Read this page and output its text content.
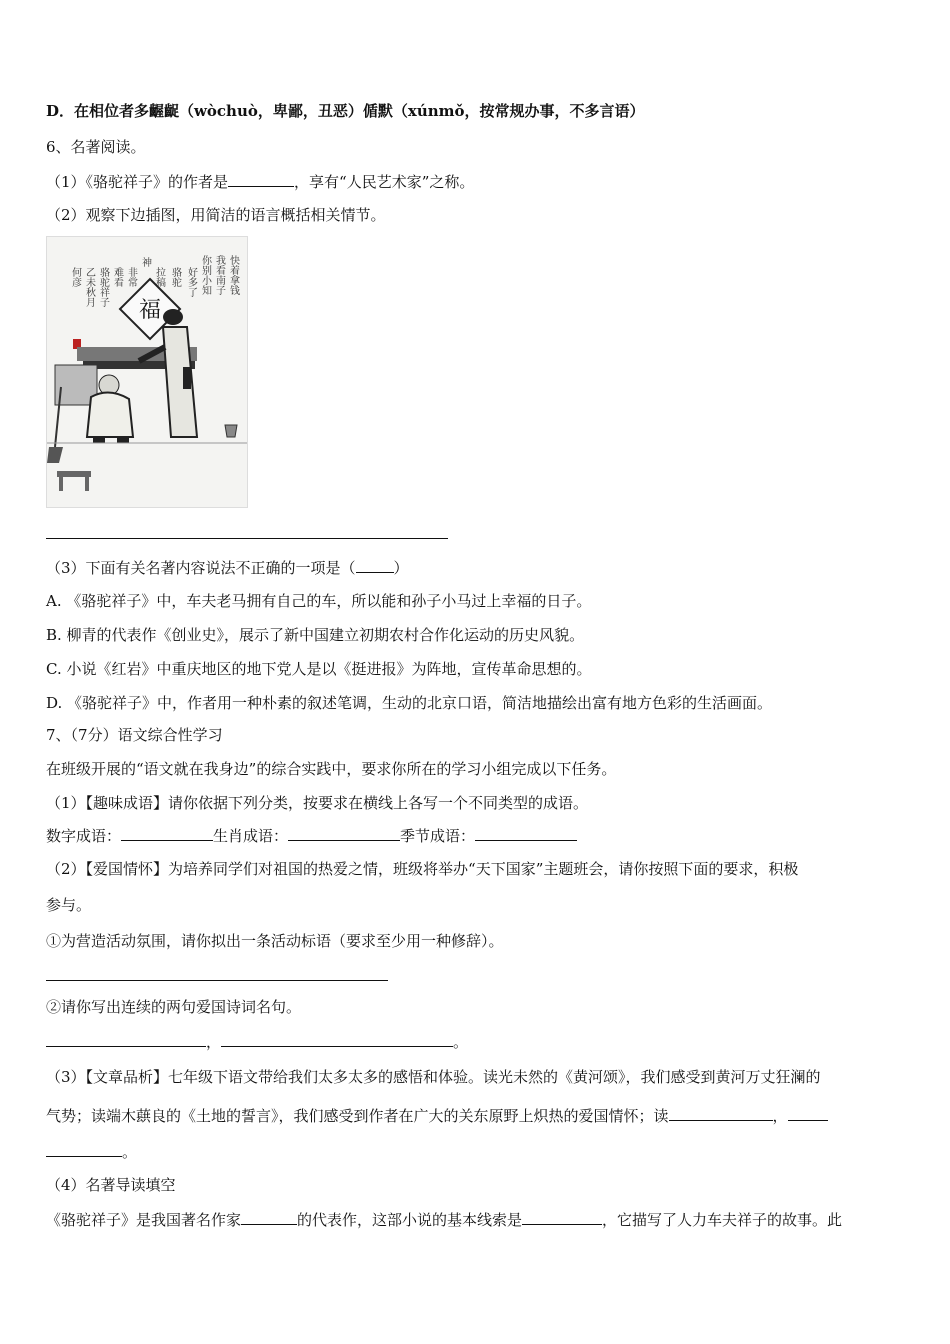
D．在相位者多齷齪（wòchuò，卑鄙，丑恶）偱默（xúnmǒ，按常规办事，不多言语）
6、名著阅读。
（1）《骆驼祥子》的作者是	，享有“人民艺术家”之称。
（2）观察下边插图，用简洁的语言概括相关情节。
快着拿钱
我看南子
你别小知
好多了
骆驼
拉稿
神
非常
难看
骆驼祥子
乙未秋月
何彦
福
（3）下面有关名著内容说法不正确的一项是（	）
A. 《骆驼祥子》中，车夫老马拥有自己的车，所以能和孙子小马过上幸福的日子。
B. 柳青的代表作《创业史》，展示了新中国建立初期农村合作化运动的历史风貌。
C. 小说《红岩》中重庆地区的地下党人是以《挺进报》为阵地，宣传革命思想的。
D. 《骆驼祥子》中，作者用一种朴素的叙述笔调，生动的北京口语，简洁地描绘出富有地方色彩的生活画面。
7、（7分）语文综合性学习
在班级开展的“语文就在我身边”的综合实践中，要求你所在的学习小组完成以下任务。
（1）【趣味成语】请你依据下列分类，按要求在横线上各写一个不同类型的成语。
数字成语：	生肖成语：	季节成语：
（2）【爱国情怀】为培养同学们对祖国的热爱之情，班级将举办“天下国家”主题班会，请你按照下面的要求，积极
参与。
①为营造活动氛围，请你拟出一条活动标语（要求至少用一种修辞）。
②请你写出连续的两句爱国诗词名句。
，	。
（3）【文章品析】七年级下语文带给我们太多太多的感悟和体验。读光未然的《黄河颂》，我们感受到黄河万丈狂澜的
气势；读端木蕻良的《土地的誓言》，我们感受到作者在广大的关东原野上炽热的爱国情怀；读	，
。
（4）名著导读填空
《骆驼祥子》是我国著名作家	的代表作，这部小说的基本线索是	，它描写了人力车夫祥子的故事。此
